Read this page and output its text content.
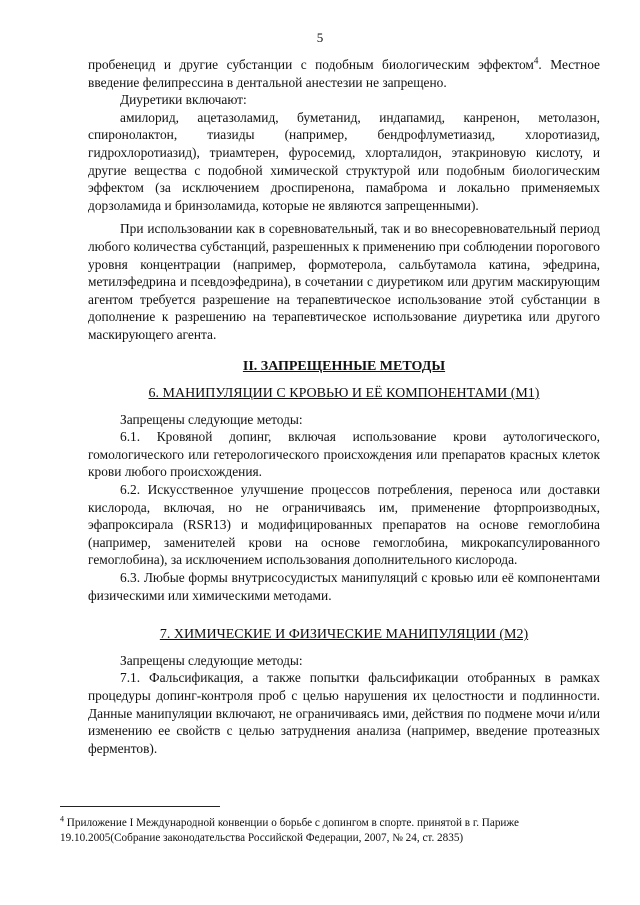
5

пробенецид и другие субстанции с подобным биологическим эффектом$^4$. Местное введение фелипрессина в дентальной анестезии не запрещено.

Диуретики включают:

амилорид, ацетазоламид, буметанид, индапамид, канренон, метолазон, спиронолактон, тиазиды (например, бендрофлуметиазид, хлоротиазид, гидрохлоротиазид), триамтерен, фуросемид, хлорталидон, этакриновую кислоту, и другие вещества с подобной химической структурой или подобным биологическим эффектом (за исключением дроспиренона, памаброма и локально применяемых дорзоламида и бринзоламида, которые не являются запрещенными).

При использовании как в соревновательный, так и во внесоревновательный период любого количества субстанций, разрешенных к применению при соблюдении порогового уровня концентрации (например, формотерола, сальбутамола катина, эфедрина, метилэфедрина и псевдоэфедрина), в сочетании с диуретиком или другим маскирующим агентом требуется разрешение на терапевтическое использование этой субстанции в дополнение к разрешению на терапевтическое использование диуретика или другого маскирующего агента.

II. ЗАПРЕЩЕННЫЕ МЕТОДЫ
6. МАНИПУЛЯЦИИ С КРОВЬЮ И ЕЁ КОМПОНЕНТАМИ (M1)

Запрещены следующие методы:

6.1. Кровяной допинг, включая использование крови аутологического, гомологического или гетерологического происхождения или препаратов красных клеток крови любого происхождения.

6.2. Искусственное улучшение процессов потребления, переноса или доставки кислорода, включая, но не ограничиваясь им, применение фторпроизводных, эфапроксирала (RSR13) и модифицированных препаратов на основе гемоглобина (например, заменителей крови на основе гемоглобина, микрокапсулированного гемоглобина), за исключением использования дополнительного кислорода.

6.3. Любые формы внутрисосудистых манипуляций с кровью или её компонентами физическими или химическими методами.

7. ХИМИЧЕСКИЕ И ФИЗИЧЕСКИЕ МАНИПУЛЯЦИИ (M2)

Запрещены следующие методы:

7.1. Фальсификация, а также попытки фальсификации отобранных в рамках процедуры допинг-контроля проб с целью нарушения их целостности и подлинности. Данные манипуляции включают, не ограничиваясь ими, действия по подмене мочи и/или изменению ее свойств с целью затруднения анализа (например, введение протеазных ферментов).

$^4$ Приложение I Международной конвенции о борьбе с допингом в спорте. принятой в г. Париже 19.10.2005(Собрание законодательства Российской Федерации, 2007, № 24, ст. 2835)
